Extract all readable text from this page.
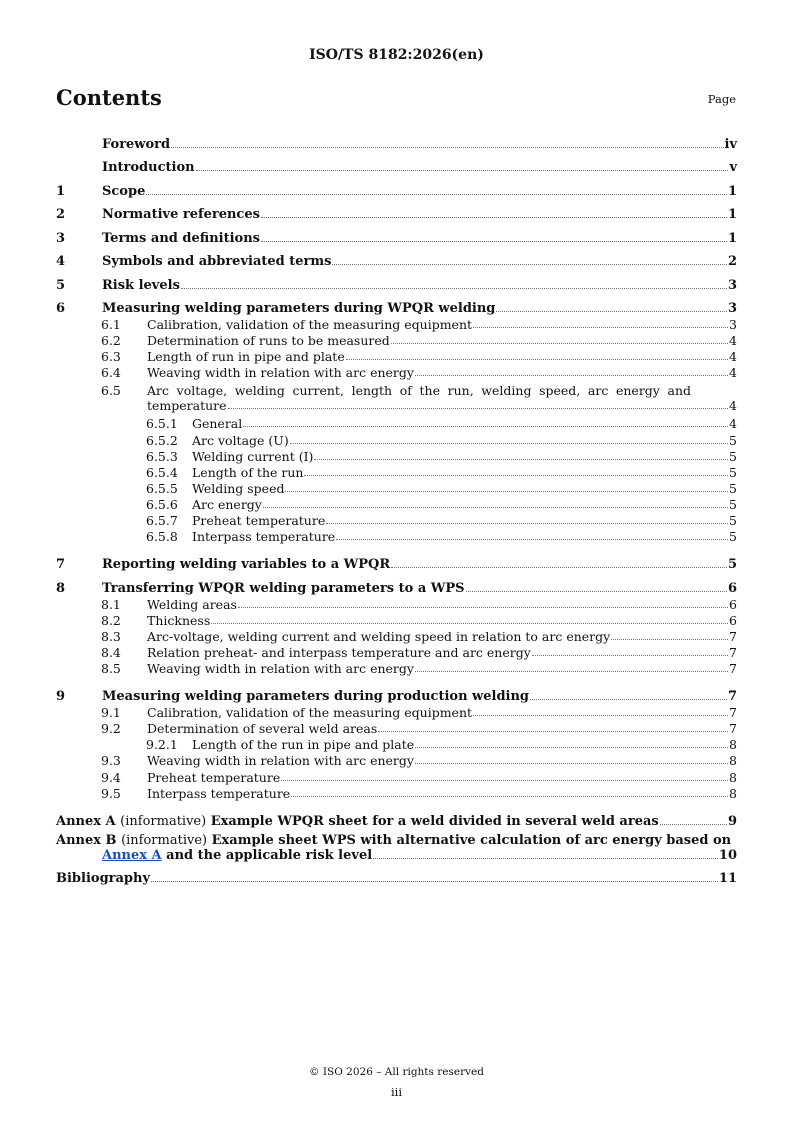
ISO/TS 8182:2026(en)
Contents	Page
Foreword	iv
Introduction	v
1	Scope	1
2	Normative references	1
3	Terms and definitions	1
4	Symbols and abbreviated terms	2
5	Risk levels	3
6	Measuring welding parameters during WPQR welding	3
6.1	Calibration, validation of the measuring equipment	3
6.2	Determination of runs to be measured	4
6.3	Length of run in pipe and plate	4
6.4	Weaving width in relation with arc energy	4
6.5	Arc voltage, welding current, length of the run, welding speed, arc energy and
temperature	4
6.5.1	General	4
6.5.2	Arc voltage (U)	5
6.5.3	Welding current (I)	5
6.5.4	Length of the run	5
6.5.5	Welding speed	5
6.5.6	Arc energy	5
6.5.7	Preheat temperature	5
6.5.8	Interpass temperature	5
7	Reporting welding variables to a WPQR	5
8	Transferring WPQR welding parameters to a WPS	6
8.1	Welding areas	6
8.2	Thickness	6
8.3	Arc-voltage, welding current and welding speed in relation to arc energy	7
8.4	Relation preheat- and interpass temperature and arc energy	7
8.5	Weaving width in relation with arc energy	7
9	Measuring welding parameters during production welding	7
9.1	Calibration, validation of the measuring equipment	7
9.2	Determination of several weld areas	7
9.2.1	Length of the run in pipe and plate	8
9.3	Weaving width in relation with arc energy	8
9.4	Preheat temperature	8
9.5	Interpass temperature	8
Annex A (informative) Example WPQR sheet for a weld divided in several weld areas	9
Annex B (informative) Example sheet WPS with alternative calculation of arc energy based on
Annex A and the applicable risk level	10
Bibliography	11
© ISO 2026 – All rights reserved
iii
